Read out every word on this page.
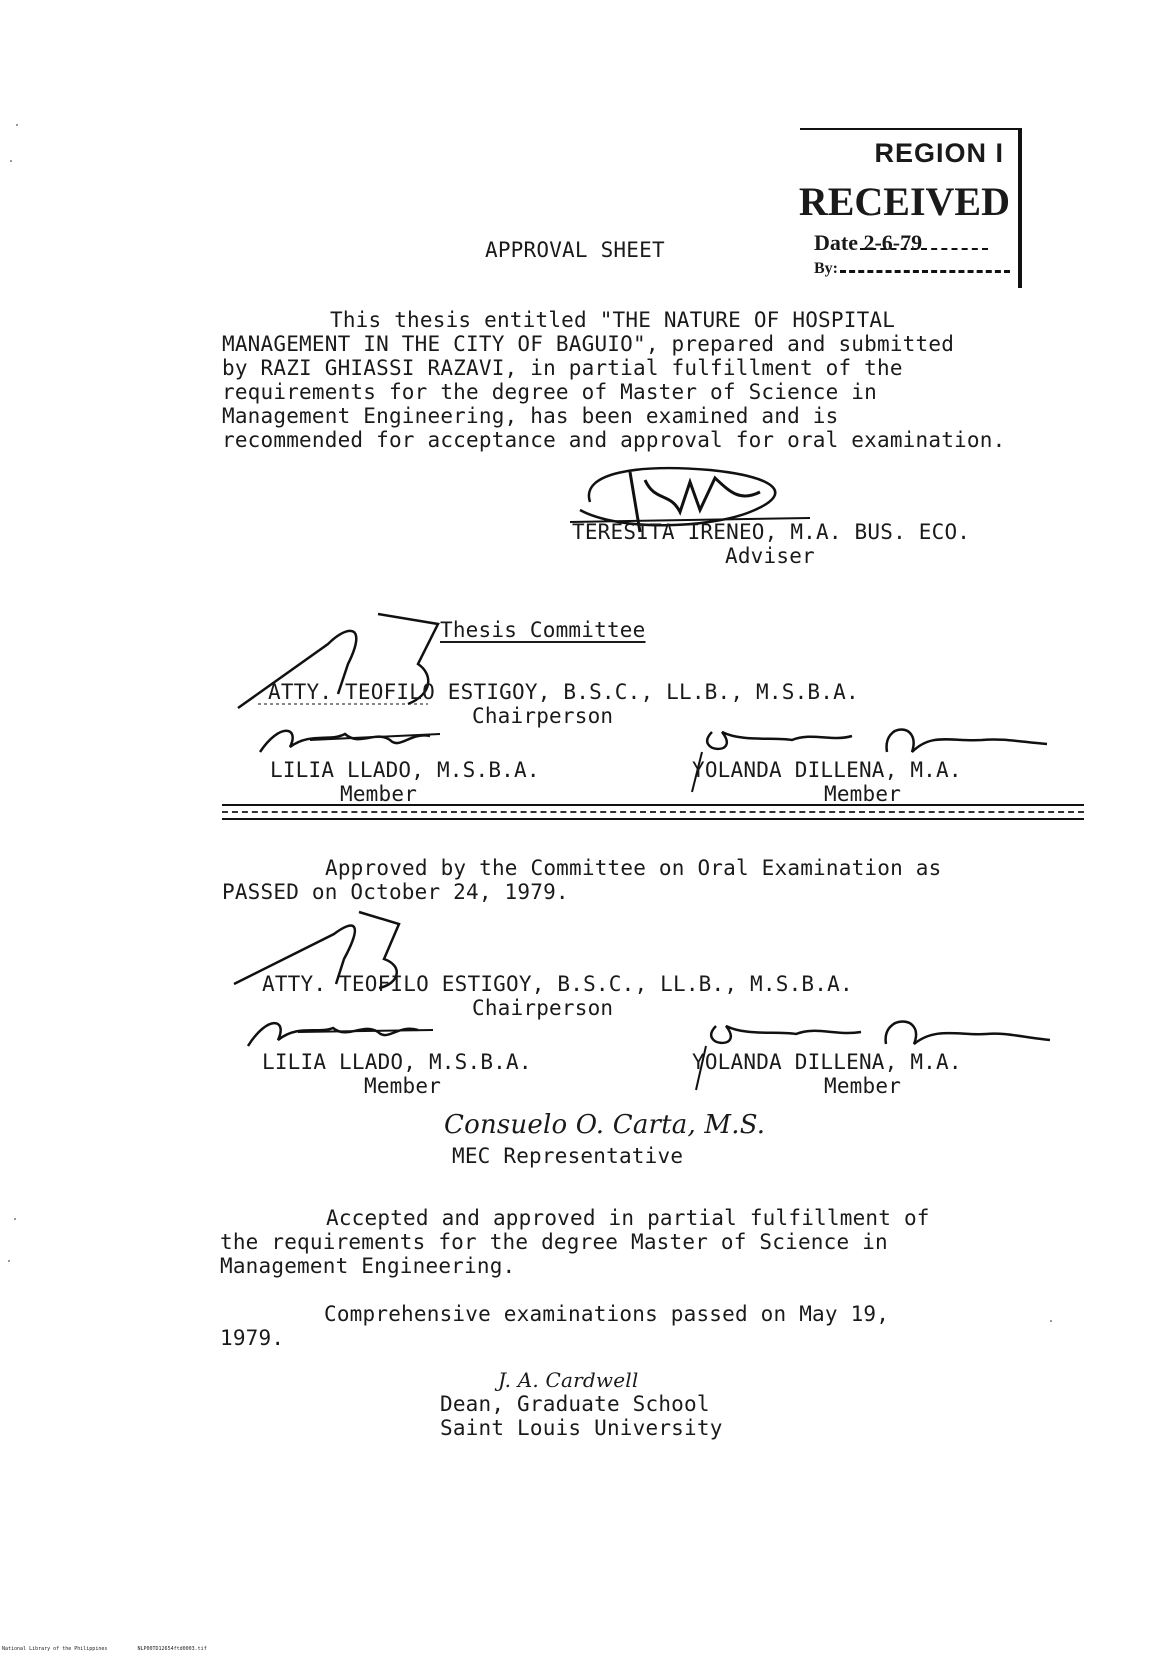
REGION I
RECEIVED
Date 2-6-79
By:
APPROVAL SHEET
This thesis entitled "THE NATURE OF HOSPITAL
MANAGEMENT IN THE CITY OF BAGUIO", prepared and submitted
by RAZI GHIASSI RAZAVI, in partial fulfillment of the
requirements for the degree of Master of Science in
Management Engineering, has been examined and is
recommended for acceptance and approval for oral examination.
TERESITA IRENEO, M.A. BUS. ECO.
Adviser
Thesis Committee
ATTY. TEOFILO ESTIGOY, B.S.C., LL.B., M.S.B.A.
Chairperson
LILIA LLADO, M.S.B.A.
Member
YOLANDA DILLENA, M.A.
Member
Approved by the Committee on Oral Examination as
PASSED on October 24, 1979.
ATTY. TEOFILO ESTIGOY, B.S.C., LL.B., M.S.B.A.
Chairperson
LILIA LLADO, M.S.B.A.
Member
YOLANDA DILLENA, M.A.
Member
Consuelo O. Carta, M.S.
MEC Representative
Accepted and approved in partial fulfillment of
the requirements for the degree Master of Science in
Management Engineering.
Comprehensive examinations passed on May 19,
1979.
J. A. Cardwell
Dean, Graduate School
Saint Louis University
National Library of the Philippines	NLP00TD12654ftd0003.tif
